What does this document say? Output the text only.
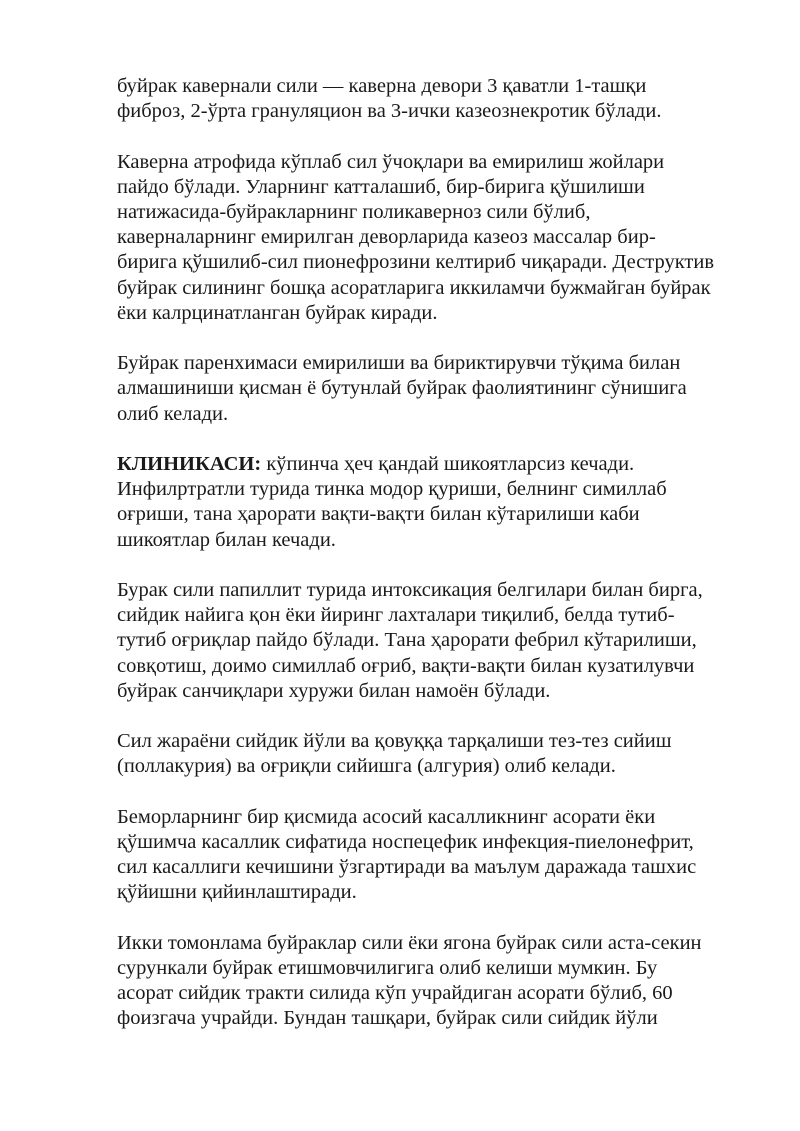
буйрак кавернали сили — каверна девори 3 қаватли 1-ташқи
фиброз, 2-ўрта грануляцион ва 3-ички казеознекротик бўлади.

Каверна атрофида кўплаб сил ўчоқлари ва емирилиш жойлари
пайдо бўлади. Уларнинг катталашиб, бир-бирига қўшилиши
натижасида-буйракларнинг поликаверноз сили бўлиб,
каверналарнинг емирилган деворларида казеоз массалар бир-
бирига қўшилиб-сил пионефрозини келтириб чиқаради. Деструктив
буйрак силининг бошқа асоратларига иккиламчи бужмайган буйрак
ёки калрцинатланган буйрак киради.

Буйрак паренхимаси емирилиши ва бириктирувчи тўқима билан
алмашиниши қисман ё бутунлай буйрак фаолиятининг сўнишига
олиб келади.

КЛИНИКАСИ: кўпинча ҳеч қандай шикоятларсиз кечади.
Инфилртратли турида тинка модор қуриши, белнинг симиллаб
оғриши, тана ҳарорати вақти-вақти билан кўтарилиши каби
шикоятлар билан кечади.

Бурак сили папиллит турида интоксикация белгилари билан бирга,
сийдик найига қон ёки йиринг лахталари тиқилиб, белда тутиб-
тутиб оғриқлар пайдо бўлади. Тана ҳарорати фебрил кўтарилиши,
совқотиш, доимо симиллаб оғриб, вақти-вақти билан кузатилувчи
буйрак санчиқлари хуружи билан намоён бўлади.

Сил жараёни сийдик йўли ва қовуққа тарқалиши тез-тез сийиш
(поллакурия) ва оғриқли сийишга (алгурия) олиб келади.

Беморларнинг бир қисмида асосий касалликнинг асорати ёки
қўшимча касаллик сифатида носпецефик инфекция-пиелонефрит,
сил касаллиги кечишини ўзгартиради ва маълум даражада ташхис
қўйишни қийинлаштиради.

Икки томонлама буйраклар сили ёки ягона буйрак сили аста-секин
сурункали буйрак етишмовчилигига олиб келиши мумкин. Бу
асорат сийдик тракти силида кўп учрайдиган асорати бўлиб, 60
фоизгача учрайди. Бундан ташқари, буйрак сили сийдик йўли
